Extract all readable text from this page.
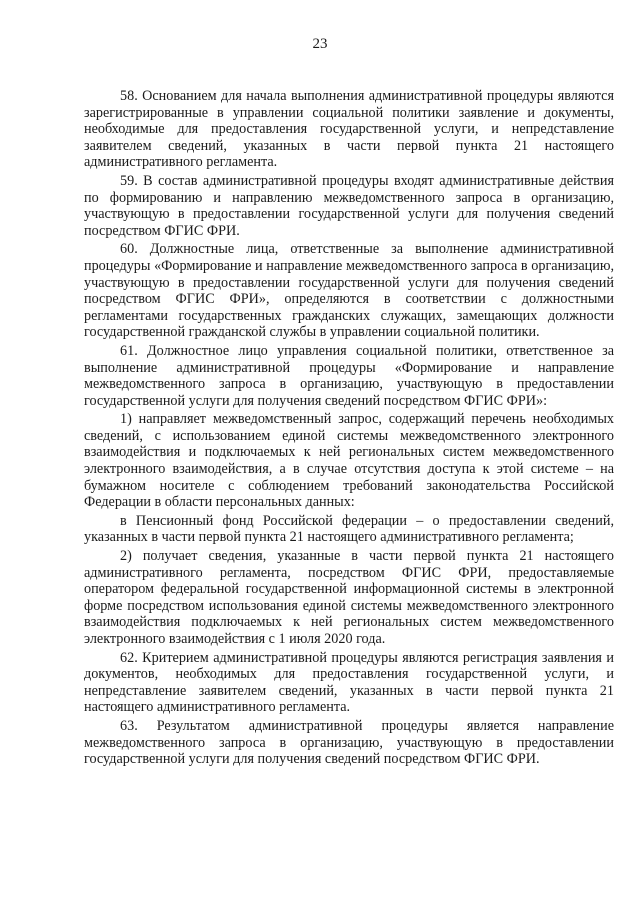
23

58. Основанием для начала выполнения административной процедуры являются зарегистрированные в управлении социальной политики заявление и документы, необходимые для предоставления государственной услуги, и непредставление заявителем сведений, указанных в части первой пункта 21 настоящего административного регламента.

59. В состав административной процедуры входят административные действия по формированию и направлению межведомственного запроса в организацию, участвующую в предоставлении государственной услуги для получения сведений посредством ФГИС ФРИ.

60. Должностные лица, ответственные за выполнение административной процедуры «Формирование и направление межведомственного запроса в организацию, участвующую в предоставлении государственной услуги для получения сведений посредством ФГИС ФРИ», определяются в соответствии с должностными регламентами государственных гражданских служащих, замещающих должности государственной гражданской службы в управлении социальной политики.

61. Должностное лицо управления социальной политики, ответственное за выполнение административной процедуры «Формирование и направление межведомственного запроса в организацию, участвующую в предоставлении государственной услуги для получения сведений посредством ФГИС ФРИ»:

1) направляет межведомственный запрос, содержащий перечень необходимых сведений, с использованием единой системы межведомственного электронного взаимодействия и подключаемых к ней региональных систем межведомственного электронного взаимодействия, а в случае отсутствия доступа к этой системе – на бумажном носителе с соблюдением требований законодательства Российской Федерации в области персональных данных:

в Пенсионный фонд Российской федерации – о предоставлении сведений, указанных в части первой пункта 21 настоящего административного регламента;

2) получает сведения, указанные в части первой пункта 21 настоящего административного регламента, посредством ФГИС ФРИ, предоставляемые оператором федеральной государственной информационной системы в электронной форме посредством использования единой системы межведомственного электронного взаимодействия подключаемых к ней региональных систем межведомственного электронного взаимодействия с 1 июля 2020 года.

62. Критерием административной процедуры являются регистрация заявления и документов, необходимых для предоставления государственной услуги, и непредставление заявителем сведений, указанных в части первой пункта 21 настоящего административного регламента.

63. Результатом административной процедуры является направление межведомственного запроса в организацию, участвующую в предоставлении государственной услуги для получения сведений посредством ФГИС ФРИ.
